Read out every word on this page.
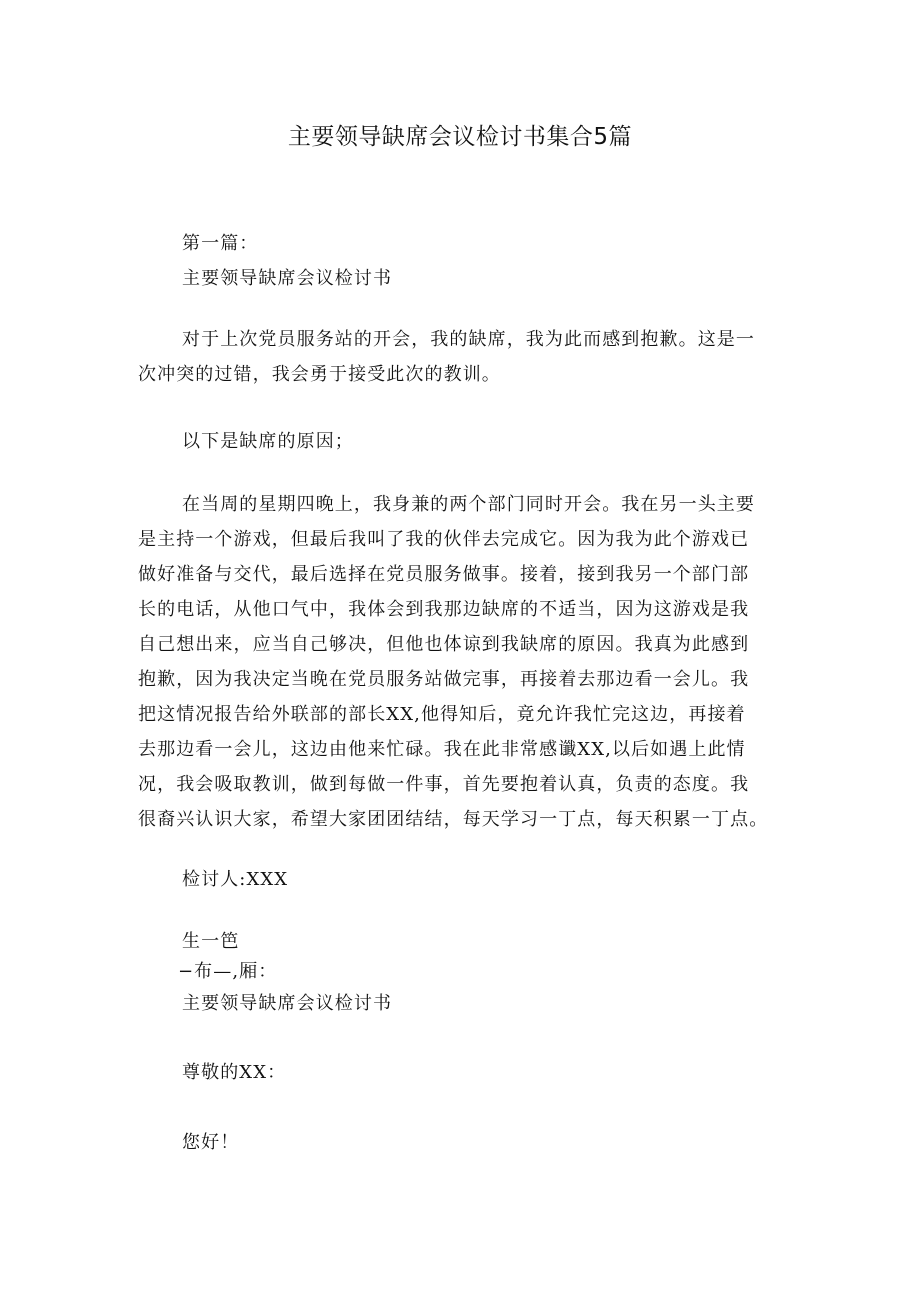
主要领导缺席会议检讨书集合5篇
第一篇：
主要领导缺席会议检讨书
对于上次党员服务站的开会，我的缺席，我为此而感到抱歉。这是一
次冲突的过错，我会勇于接受此次的教训。
以下是缺席的原因；
在当周的星期四晚上，我身兼的两个部门同时开会。我在另一头主要
是主持一个游戏，但最后我叫了我的伙伴去完成它。因为我为此个游戏已
做好准备与交代，最后选择在党员服务做事。接着，接到我另一个部门部
长的电话，从他口气中，我体会到我那边缺席的不适当，因为这游戏是我
自己想出来，应当自己够决，但他也体谅到我缺席的原因。我真为此感到
抱歉，因为我决定当晚在党员服务站做完事，再接着去那边看一会儿。我
把这情况报告给外联部的部长XX,他得知后，竟允许我忙完这边，再接着
去那边看一会儿，这边由他来忙碌。我在此非常感谶XX,以后如遇上此情
况，我会吸取教训，做到每做一件事，首先要抱着认真，负责的态度。我
很裔兴认识大家，希望大家团团结结，每天学习一丁点，每天积累一丁点。
检讨人:XXX
生一笆
−布—,厢：
主要领导缺席会议检讨书
尊敬的XX：
您好！
